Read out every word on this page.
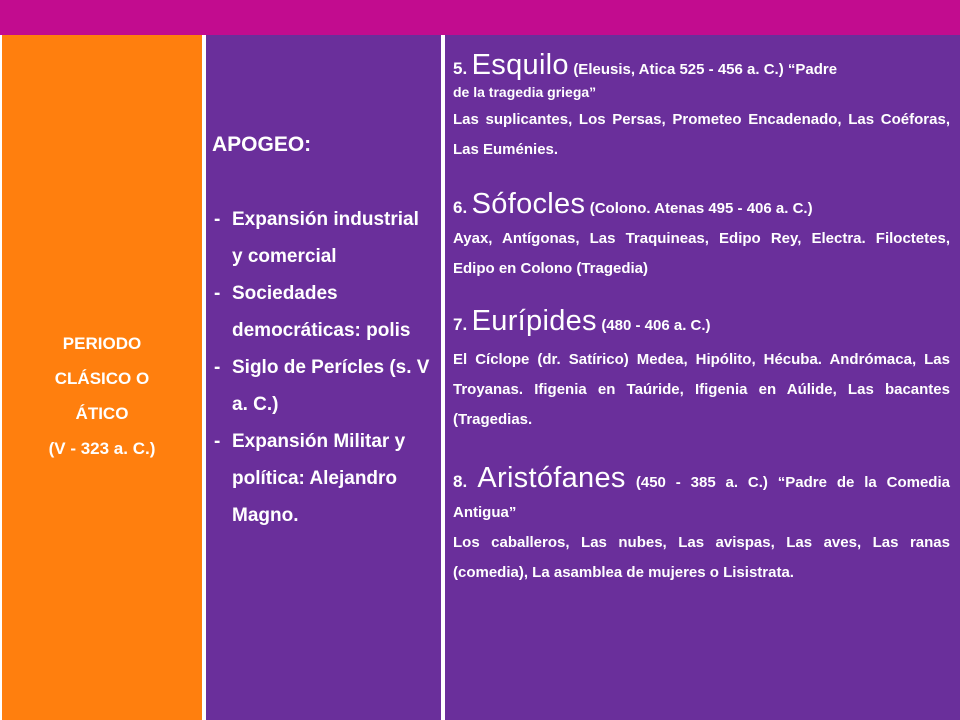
PERIODO
CLÁSICO O
ÁTICO
(V - 323 a. C.)
APOGEO:
- Expansión industrial y comercial
- Sociedades democráticas: polis
- Siglo de Perícles (s. V a. C.)
- Expansión Militar y política: Alejandro Magno.
5. Esquilo (Eleusis, Atica 525 - 456 a. C.) “Padre
de la tragedia griega”
Las suplicantes, Los Persas, Prometeo Encadenado, Las Coéforas, Las Euménies.
6. Sófocles (Colono. Atenas 495 - 406 a. C.)
Ayax, Antígonas, Las Traquineas, Edipo Rey, Electra. Filoctetes, Edipo en Colono (Tragedia)
7. Eurípides (480 - 406 a. C.)
El Cíclope (dr. Satírico) Medea, Hipólito, Hécuba. Andrómaca, Las Troyanas. Ifigenia en Taúride, Ifigenia en Aúlide, Las bacantes (Tragedias.
8. Aristófanes (450 - 385 a. C.) “Padre de la Comedia Antigua”
Los caballeros, Las nubes, Las avispas, Las aves, Las ranas (comedia), La asamblea de mujeres o Lisistrata.
